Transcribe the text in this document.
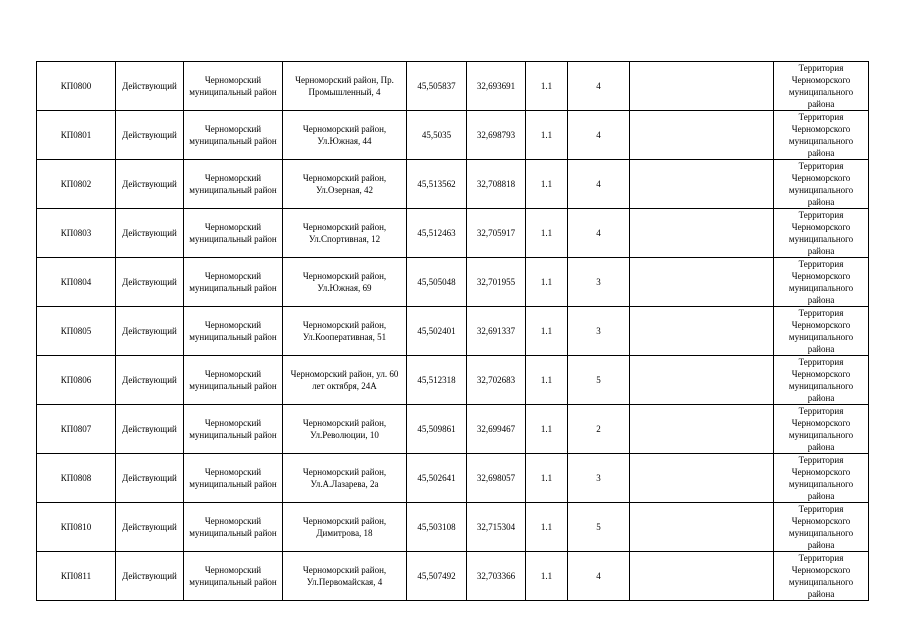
КП0800	Действующий	Черноморский муниципальный район	Черноморский район, Пр. Промышленный, 4	45,505837	32,693691	1.1	4		Территория Черноморского муниципального района
КП0801	Действующий	Черноморский муниципальный район	Черноморский район, Ул.Южная, 44	45,5035	32,698793	1.1	4		Территория Черноморского муниципального района
КП0802	Действующий	Черноморский муниципальный район	Черноморский район, Ул.Озерная, 42	45,513562	32,708818	1.1	4		Территория Черноморского муниципального района
КП0803	Действующий	Черноморский муниципальный район	Черноморский район, Ул.Спортивная, 12	45,512463	32,705917	1.1	4		Территория Черноморского муниципального района
КП0804	Действующий	Черноморский муниципальный район	Черноморский район, Ул.Южная, 69	45,505048	32,701955	1.1	3		Территория Черноморского муниципального района
КП0805	Действующий	Черноморский муниципальный район	Черноморский район, Ул.Кооперативная, 51	45,502401	32,691337	1.1	3		Территория Черноморского муниципального района
КП0806	Действующий	Черноморский муниципальный район	Черноморский район, ул. 60 лет октября, 24А	45,512318	32,702683	1.1	5		Территория Черноморского муниципального района
КП0807	Действующий	Черноморский муниципальный район	Черноморский район, Ул.Революции, 10	45,509861	32,699467	1.1	2		Территория Черноморского муниципального района
КП0808	Действующий	Черноморский муниципальный район	Черноморский район, Ул.А.Лазарева, 2а	45,502641	32,698057	1.1	3		Территория Черноморского муниципального района
КП0810	Действующий	Черноморский муниципальный район	Черноморский район, Димитрова, 18	45,503108	32,715304	1.1	5		Территория Черноморского муниципального района
КП0811	Действующий	Черноморский муниципальный район	Черноморский район, Ул.Первомайская, 4	45,507492	32,703366	1.1	4		Территория Черноморского муниципального района
